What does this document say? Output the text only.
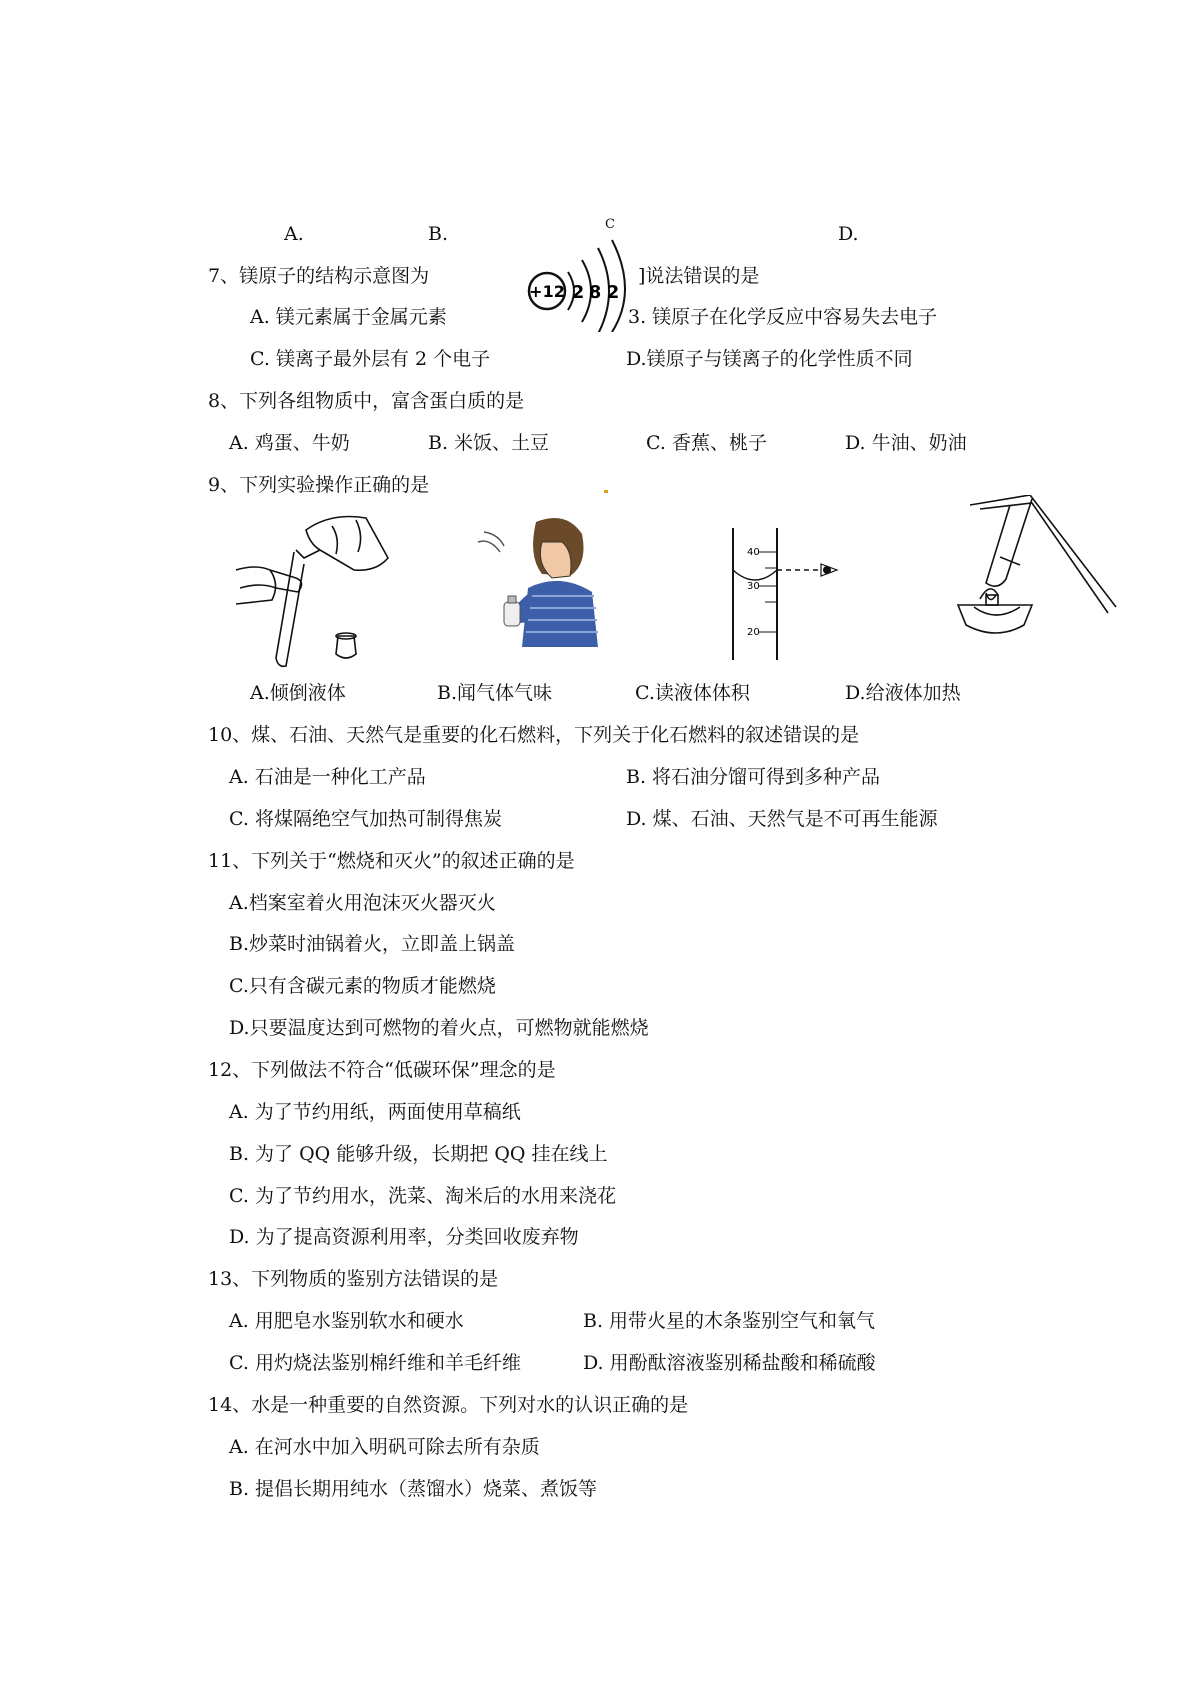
A.	B.	C	D.
7、镁原子的结构示意图为
+12 2 8 2
]说法错误的是
A. 镁元素属于金属元素	3. 镁原子在化学反应中容易失去电子
C. 镁离子最外层有 2 个电子	D.镁原子与镁离子的化学性质不同
8、下列各组物质中，富含蛋白质的是
A. 鸡蛋、牛奶	B. 米饭、土豆	C. 香蕉、桃子	D. 牛油、奶油
9、下列实验操作正确的是
40
30
20
A.倾倒液体	B.闻气体气味	C.读液体体积	D.给液体加热
10、煤、石油、天然气是重要的化石燃料，下列关于化石燃料的叙述错误的是
A. 石油是一种化工产品	B. 将石油分馏可得到多种产品
C. 将煤隔绝空气加热可制得焦炭	D. 煤、石油、天然气是不可再生能源
11、下列关于“燃烧和灭火”的叙述正确的是
A.档案室着火用泡沫灭火器灭火
B.炒菜时油锅着火，立即盖上锅盖
C.只有含碳元素的物质才能燃烧
D.只要温度达到可燃物的着火点，可燃物就能燃烧
12、下列做法不符合“低碳环保”理念的是
A. 为了节约用纸，两面使用草稿纸
B. 为了 QQ 能够升级，长期把 QQ 挂在线上
C. 为了节约用水，洗菜、淘米后的水用来浇花
D. 为了提高资源利用率，分类回收废弃物
13、下列物质的鉴别方法错误的是
A. 用肥皂水鉴别软水和硬水	B. 用带火星的木条鉴别空气和氧气
C. 用灼烧法鉴别棉纤维和羊毛纤维	D. 用酚酞溶液鉴别稀盐酸和稀硫酸
14、水是一种重要的自然资源。下列对水的认识正确的是
A. 在河水中加入明矾可除去所有杂质
B. 提倡长期用纯水（蒸馏水）烧菜、煮饭等
